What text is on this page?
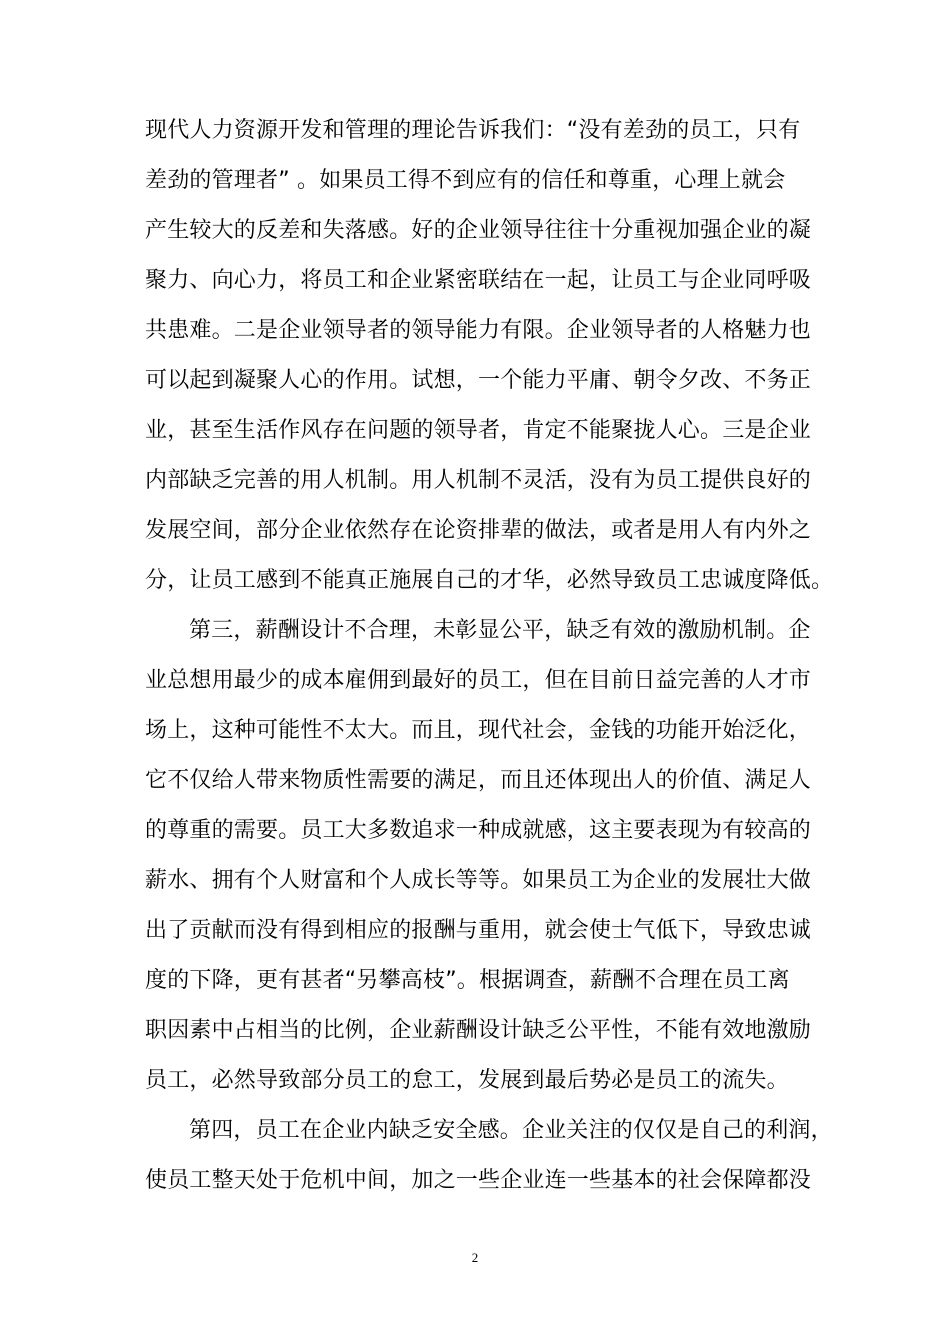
现代人力资源开发和管理的理论告诉我们：“没有差劲的员工，只有
差劲的管理者” 。如果员工得不到应有的信任和尊重，心理上就会
产生较大的反差和失落感。好的企业领导往往十分重视加强企业的凝
聚力、向心力，将员工和企业紧密联结在一起，让员工与企业同呼吸
共患难。二是企业领导者的领导能力有限。企业领导者的人格魅力也
可以起到凝聚人心的作用。试想，一个能力平庸、朝令夕改、不务正
业，甚至生活作风存在问题的领导者，肯定不能聚拢人心。三是企业
内部缺乏完善的用人机制。用人机制不灵活，没有为员工提供良好的
发展空间，部分企业依然存在论资排辈的做法，或者是用人有内外之
分，让员工感到不能真正施展自己的才华，必然导致员工忠诚度降低。
第三，薪酬设计不合理，未彰显公平，缺乏有效的激励机制。企
业总想用最少的成本雇佣到最好的员工，但在目前日益完善的人才市
场上，这种可能性不太大。而且，现代社会，金钱的功能开始泛化，
它不仅给人带来物质性需要的满足，而且还体现出人的价值、满足人
的尊重的需要。员工大多数追求一种成就感，这主要表现为有较高的
薪水、拥有个人财富和个人成长等等。如果员工为企业的发展壮大做
出了贡献而没有得到相应的报酬与重用，就会使士气低下，导致忠诚
度的下降，更有甚者“另攀高枝”。根据调查，薪酬不合理在员工离
职因素中占相当的比例，企业薪酬设计缺乏公平性，不能有效地激励
员工，必然导致部分员工的怠工，发展到最后势必是员工的流失。
第四，员工在企业内缺乏安全感。企业关注的仅仅是自己的利润，
使员工整天处于危机中间，加之一些企业连一些基本的社会保障都没
2
